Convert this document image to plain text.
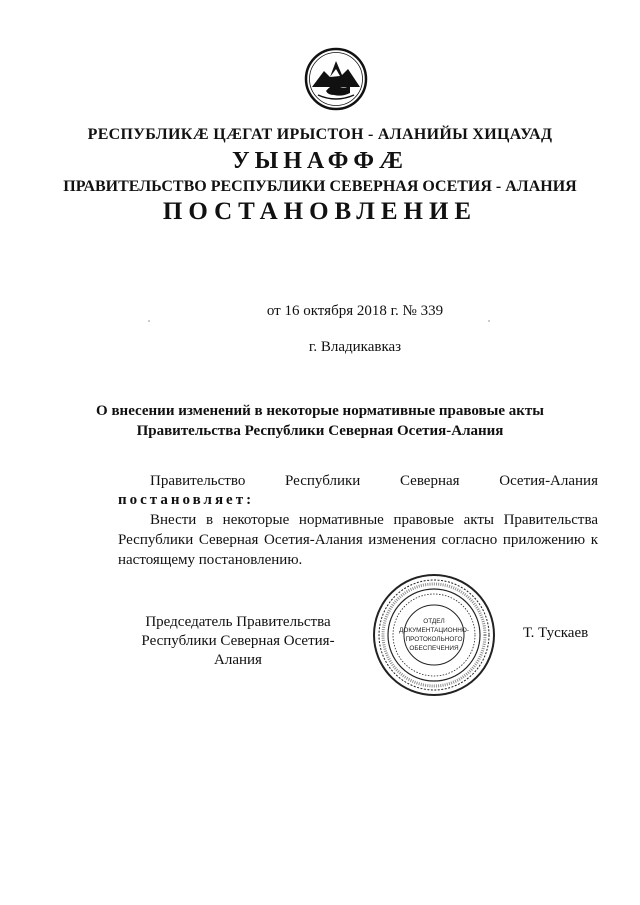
РЕСПУБЛИКӔ ЦӔГАТ ИРЫСТОН - АЛАНИЙЫ ХИЦАУАД
УЫНАФФӔ
ПРАВИТЕЛЬСТВО РЕСПУБЛИКИ СЕВЕРНАЯ ОСЕТИЯ - АЛАНИЯ
ПОСТАНОВЛЕНИЕ
от 16 октября 2018 г. № 339
г. Владикавказ
О внесении изменений в некоторые нормативные правовые акты
Правительства Республики Северная Осетия-Алания
Правительство	Республики	Северная	Осетия-Алания
постановляет:
Внести в некоторые нормативные правовые акты Правительства Республики Северная Осетия-Алания изменения согласно приложению к настоящему постановлению.
Председатель Правительства
Республики Северная Осетия-Алания
ОТДЕЛ
ДОКУМЕНТАЦИОННО-
ПРОТОКОЛЬНОГО
ОБЕСПЕЧЕНИЯ
Т. Тускаев
